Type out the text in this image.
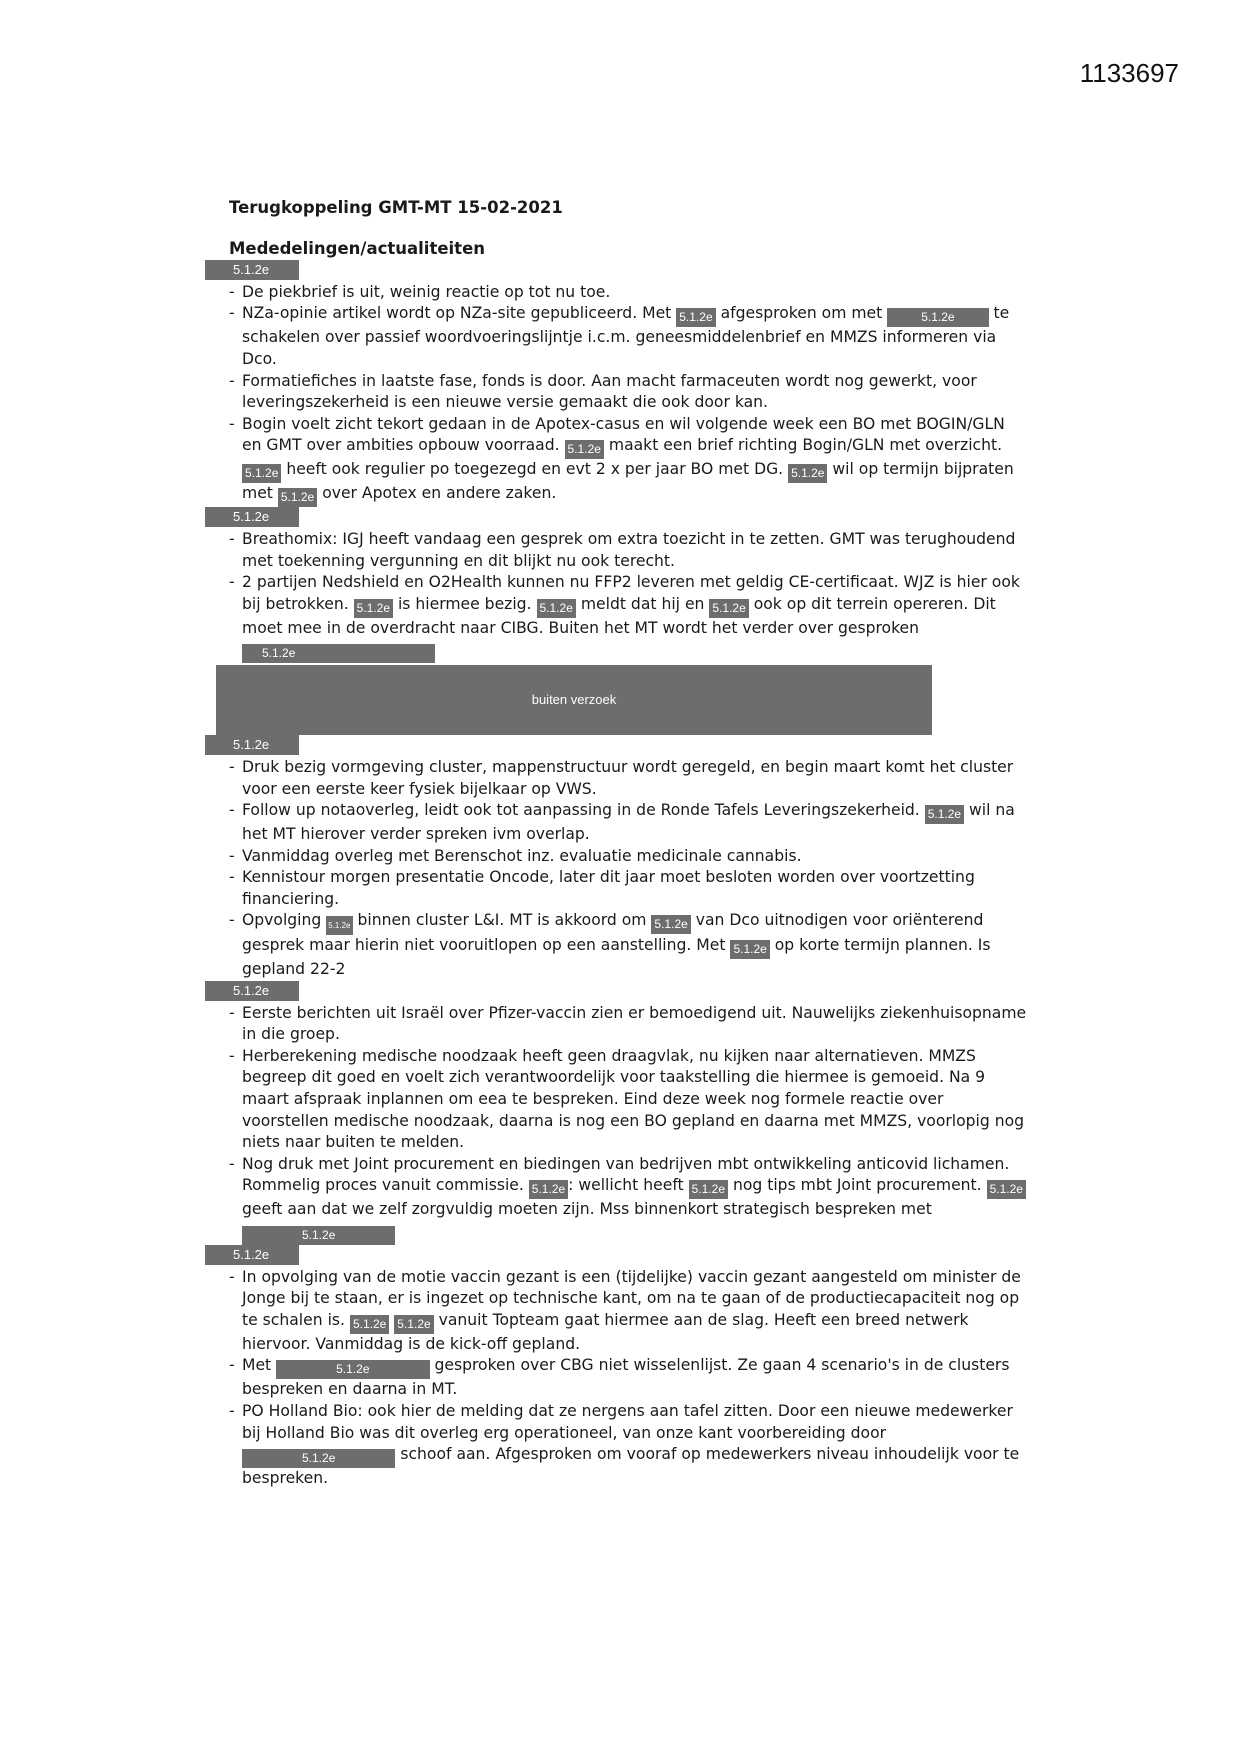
1133697
Terugkoppeling GMT-MT 15-02-2021
Mededelingen/actualiteiten
5.1.2e
- De piekbrief is uit, weinig reactie op tot nu toe.
- NZa-opinie artikel wordt op NZa-site gepubliceerd. Met 5.1.2e afgesproken om met	5.1.2e te schakelen over passief woordvoeringslijntje i.c.m. geneesmiddelenbrief en MMZS informeren via Dco.
- Formatiefiches in laatste fase, fonds is door. Aan macht farmaceuten wordt nog gewerkt, voor leveringszekerheid is een nieuwe versie gemaakt die ook door kan.
- Bogin voelt zicht tekort gedaan in de Apotex-casus en wil volgende week een BO met BOGIN/GLN en GMT over ambities opbouw voorraad. 5.1.2e maakt een brief richting Bogin/GLN met overzicht. 5.1.2e heeft ook regulier po toegezegd en evt 2 x per jaar BO met DG. 5.1.2e wil op termijn bijpraten met 5.1.2e over Apotex en andere zaken.
5.1.2e
- Breathomix: IGJ heeft vandaag een gesprek om extra toezicht in te zetten. GMT was terughoudend met toekenning vergunning en dit blijkt nu ook terecht.
- 2 partijen Nedshield en O2Health kunnen nu FFP2 leveren met geldig CE-certificaat. WJZ is hier ook bij betrokken. 5.1.2e is hiermee bezig. 5.1.2e meldt dat hij en 5.1.2e ook op dit terrein opereren. Dit moet mee in de overdracht naar CIBG. Buiten het MT wordt het verder over gesproken 5.1.2e
buiten verzoek
5.1.2e
- Druk bezig vormgeving cluster, mappenstructuur wordt geregeld, en begin maart komt het cluster voor een eerste keer fysiek bijelkaar op VWS.
- Follow up notaoverleg, leidt ook tot aanpassing in de Ronde Tafels Leveringszekerheid. 5.1.2e wil na het MT hierover verder spreken ivm overlap.
- Vanmiddag overleg met Berenschot inz. evaluatie medicinale cannabis.
- Kennistour morgen presentatie Oncode, later dit jaar moet besloten worden over voortzetting financiering.
- Opvolging 5.1.2e binnen cluster L&I. MT is akkoord om 5.1.2e van Dco uitnodigen voor oriënterend gesprek maar hierin niet vooruitlopen op een aanstelling. Met 5.1.2e op korte termijn plannen. Is gepland 22-2
5.1.2e
- Eerste berichten uit Israël over Pfizer-vaccin zien er bemoedigend uit. Nauwelijks ziekenhuisopname in die groep.
- Herberekening medische noodzaak heeft geen draagvlak, nu kijken naar alternatieven. MMZS begreep dit goed en voelt zich verantwoordelijk voor taakstelling die hiermee is gemoeid. Na 9 maart afspraak inplannen om eea te bespreken. Eind deze week nog formele reactie over voorstellen medische noodzaak, daarna is nog een BO gepland en daarna met MMZS, voorlopig nog niets naar buiten te melden.
- Nog druk met Joint procurement en biedingen van bedrijven mbt ontwikkeling anticovid lichamen. Rommelig proces vanuit commissie. 5.1.2e : wellicht heeft 5.1.2e nog tips mbt Joint procurement. 5.1.2e geeft aan dat we zelf zorgvuldig moeten zijn. Mss binnenkort strategisch bespreken met 5.1.2e
5.1.2e
- In opvolging van de motie vaccin gezant is een (tijdelijke) vaccin gezant aangesteld om minister de Jonge bij te staan, er is ingezet op technische kant, om na te gaan of de productiecapaciteit nog op te schalen is. 5.1.2e 5.1.2e vanuit Topteam gaat hiermee aan de slag. Heeft een breed netwerk hiervoor. Vanmiddag is de kick-off gepland.
- Met	5.1.2e	gesproken over CBG niet wisselenlijst. Ze gaan 4 scenario's in de clusters bespreken en daarna in MT.
- PO Holland Bio: ook hier de melding dat ze nergens aan tafel zitten. Door een nieuwe medewerker bij Holland Bio was dit overleg erg operationeel, van onze kant voorbereiding door 5.1.2e	schoof aan. Afgesproken om vooraf op medewerkers niveau inhoudelijk voor te bespreken.
